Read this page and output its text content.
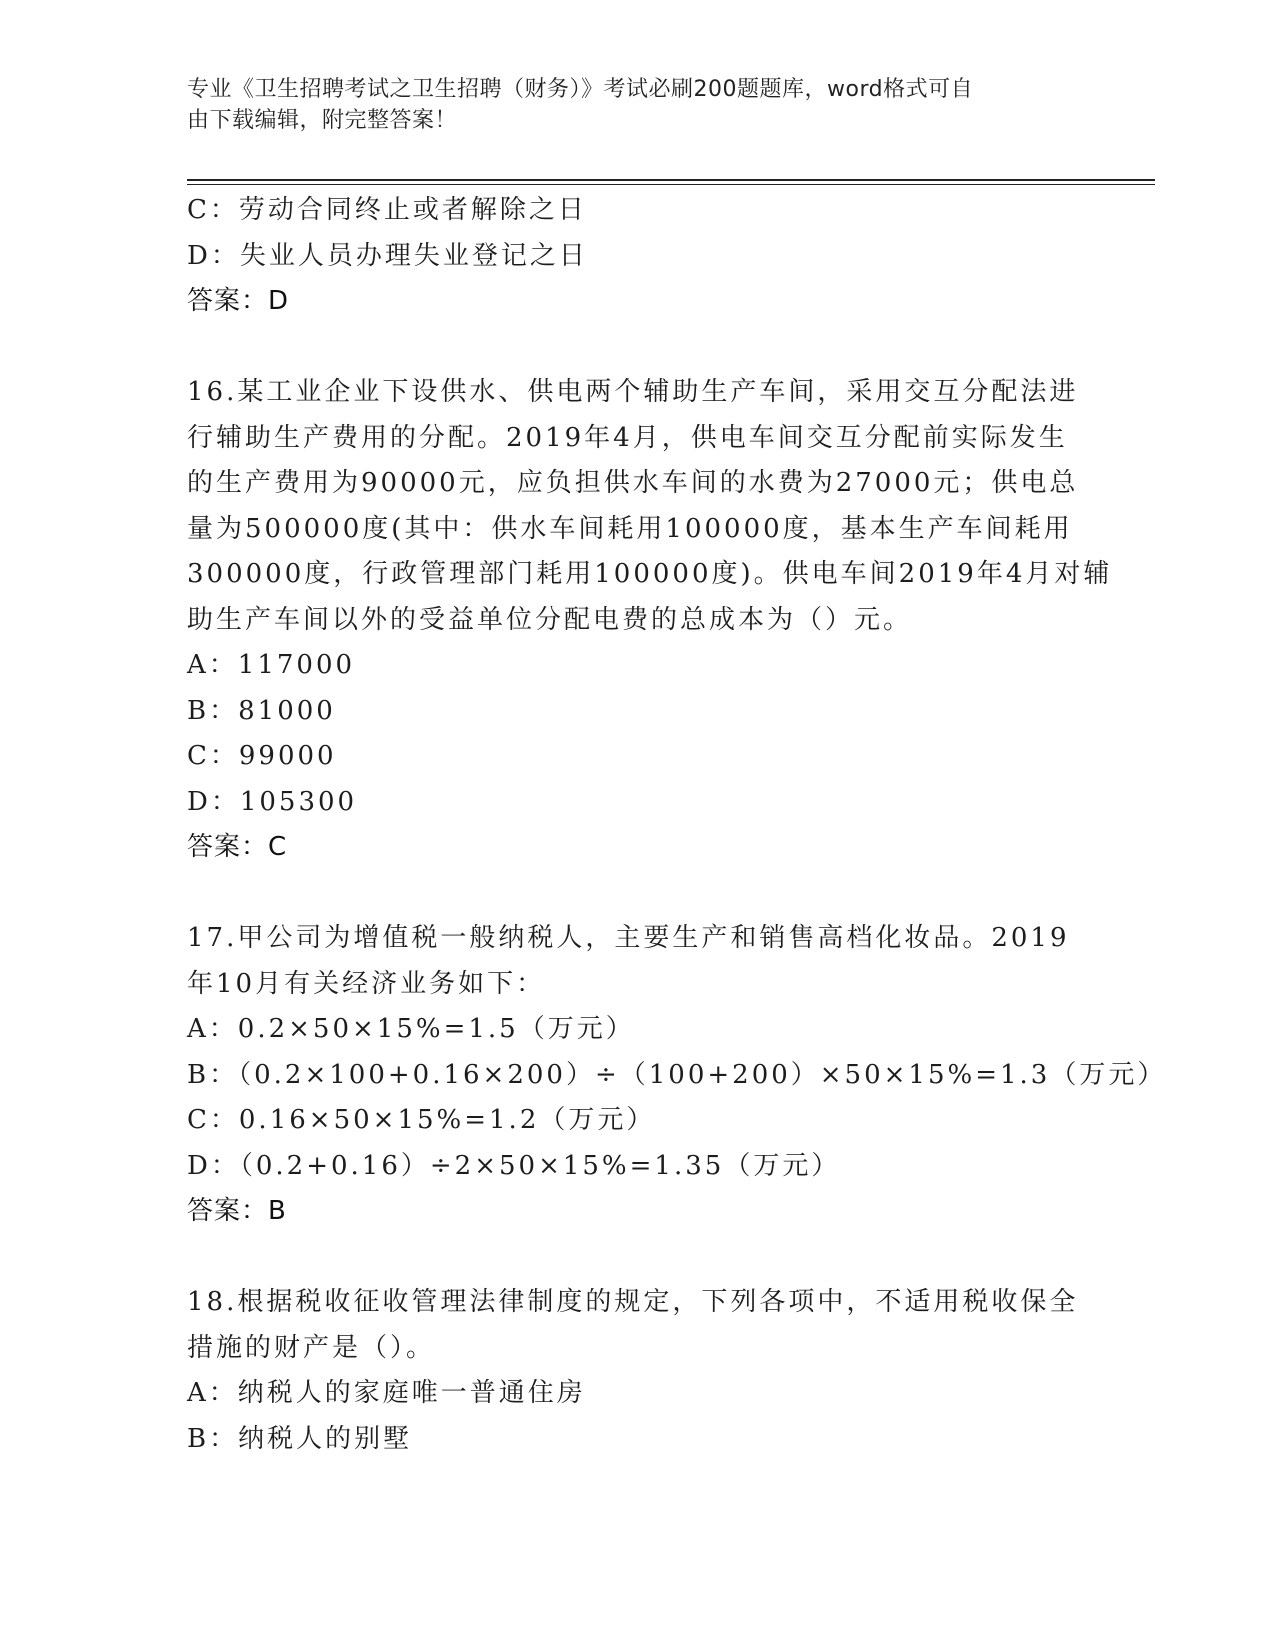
专业《卫生招聘考试之卫生招聘（财务）》考试必刷200题题库，word格式可自
由下载编辑，附完整答案！
C：劳动合同终止或者解除之日
D：失业人员办理失业登记之日
答案：D
16.某工业企业下设供水、供电两个辅助生产车间，采用交互分配法进
行辅助生产费用的分配。2019年4月，供电车间交互分配前实际发生
的生产费用为90000元，应负担供水车间的水费为27000元；供电总
量为500000度(其中：供水车间耗用100000度，基本生产车间耗用
300000度，行政管理部门耗用100000度)。供电车间2019年4月对辅
助生产车间以外的受益单位分配电费的总成本为（）元。
A：117000
B：81000
C：99000
D：105300
答案：C
17.甲公司为增值税一般纳税人，主要生产和销售高档化妆品。2019
年10月有关经济业务如下：
A：0.2×50×15%=1.5（万元）
B：（0.2×100+0.16×200）÷（100+200）×50×15%=1.3（万元）
C：0.16×50×15%=1.2（万元）
D：（0.2+0.16）÷2×50×15%=1.35（万元）
答案：B
18.根据税收征收管理法律制度的规定，下列各项中，不适用税收保全
措施的财产是（）。
A：纳税人的家庭唯一普通住房
B：纳税人的别墅
